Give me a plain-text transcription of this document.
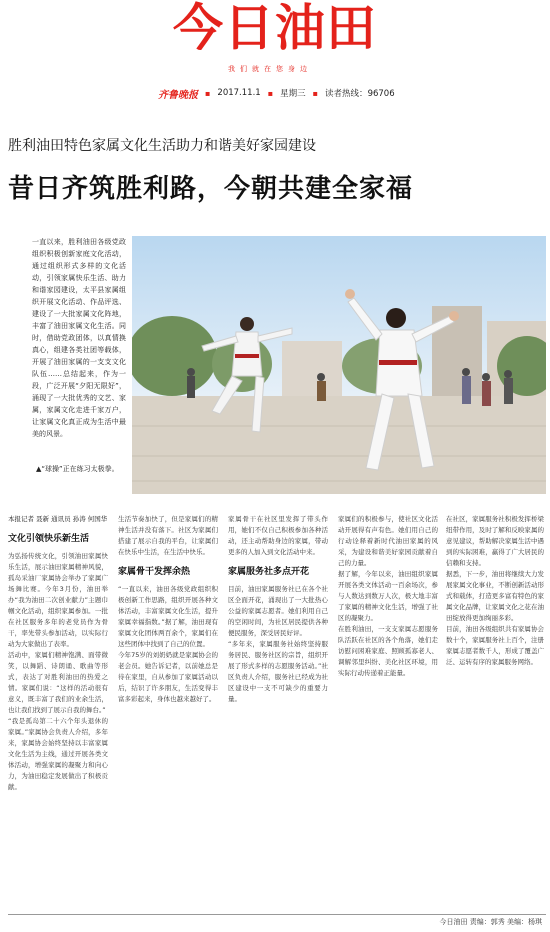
今日油田
我们就在您身边
齐鲁晚报 ▪ 2017.11.1 ▪ 星期三 ▪ 读者热线：96706
胜利油田特色家属文化生活助力和谐美好家园建设
昔日齐筑胜利路，今朝共建全家福
一直以来，胜利油田各级党政组织积极创新家庭文化活动，通过组织形式多样的文化活动，引领家属快乐生活、助力和谐家园建设，太平县家属组织开展文化活动、作品评选、建设了一大批家属文化阵地，丰富了油田家属文化生活。同时，借助党政团体，以真情换真心，组建各类社团等载体，开展了油田家属的一支支文化队伍……总结起来，作为一段，广泛开展“夕阳无限好”，涌现了一大批优秀的文艺、家属，家属文化走进千家万户，让家属文化真正成为生活中最美的风景。
▲“球操”正在练习太极拳。
本报记者 聂新 通讯员 孙涛 何国华
文化引领快乐新生活

为弘扬传统文化，引领油田家属快乐生活，展示油田家属精神风貌，孤岛采油厂家属协会举办了家属广场舞比赛。今年3月份，油田举办“我为油田二次创业献力”主题巾帼文化活动，组织家属参加。一批在社区服务多年的老党员作为骨干，率先带头参加活动，以实际行动为大家做出了表率。

活动中，家属们精神饱满、面带微笑，以舞蹈、诗朗诵、歌曲等形式，表达了对胜利油田的热爱之情。家属们说：“这样的活动很有意义，既丰富了我们的业余生活，也让我们找到了展示自我的舞台。”

“我是孤岛第二十六个年头退休的家属。”家属协会负责人介绍，多年来，家属协会始终坚持以丰富家属文化生活为主线，通过开展各类文体活动，增强家属的凝聚力和向心力，为油田稳定发展做出了积极贡献。

生活节奏加快了，但是家属们的精神生活并没有落下。社区为家属们搭建了展示自我的平台，让家属们在快乐中生活，在生活中快乐。

家属骨干发挥余热

“一直以来，油田各级党政组织积极创新工作思路，组织开展各种文体活动，丰富家属文化生活，提升家属幸福指数。”据了解，油田现有家属文化团体两百余个，家属们在这些团体中找到了自己的位置。

今年75岁的刘奶奶就是家属协会的老会员。她告诉记者，以前她总是待在家里，自从参加了家属活动以后，结识了许多朋友，生活变得丰富多彩起来，身体也越来越好了。

家属骨干在社区里发挥了带头作用，她们不仅自己积极参加各种活动，还主动帮助身边的家属，带动更多的人加入到文化活动中来。

家属服务社多点开花

目前，油田家属服务社已在各个社区全面开花，涌现出了一大批热心公益的家属志愿者。她们利用自己的空闲时间，为社区居民提供各种便民服务，深受居民好评。

“多年来，家属服务社始终坚持服务居民、服务社区的宗旨，组织开展了形式多样的志愿服务活动。”社区负责人介绍，服务社已经成为社区建设中一支不可缺少的重要力量。

家属们的积极参与，使社区文化活动开展得有声有色。她们用自己的行动诠释着新时代油田家属的风采，为建设和谐美好家园贡献着自己的力量。

据了解，今年以来，油田组织家属开展各类文体活动一百余场次，参与人数达到数万人次，极大地丰富了家属的精神文化生活，增强了社区的凝聚力。

在胜利油田，一支支家属志愿服务队活跃在社区的各个角落，她们走访慰问困难家庭、照顾孤寡老人、调解邻里纠纷、美化社区环境，用实际行动传递着正能量。

在社区，家属服务社积极发挥桥梁纽带作用，及时了解和反映家属的意见建议，帮助解决家属生活中遇到的实际困难，赢得了广大居民的信赖和支持。

据悉，下一步，油田将继续大力发展家属文化事业，不断创新活动形式和载体，打造更多富有特色的家属文化品牌，让家属文化之花在油田绽放得更加绚丽多彩。

目前，油田各级组织共有家属协会数十个，家属服务社上百个，注册家属志愿者数千人，形成了覆盖广泛、运转有序的家属服务网络。

今日油田 责编：郭秀 美编：杨琪
